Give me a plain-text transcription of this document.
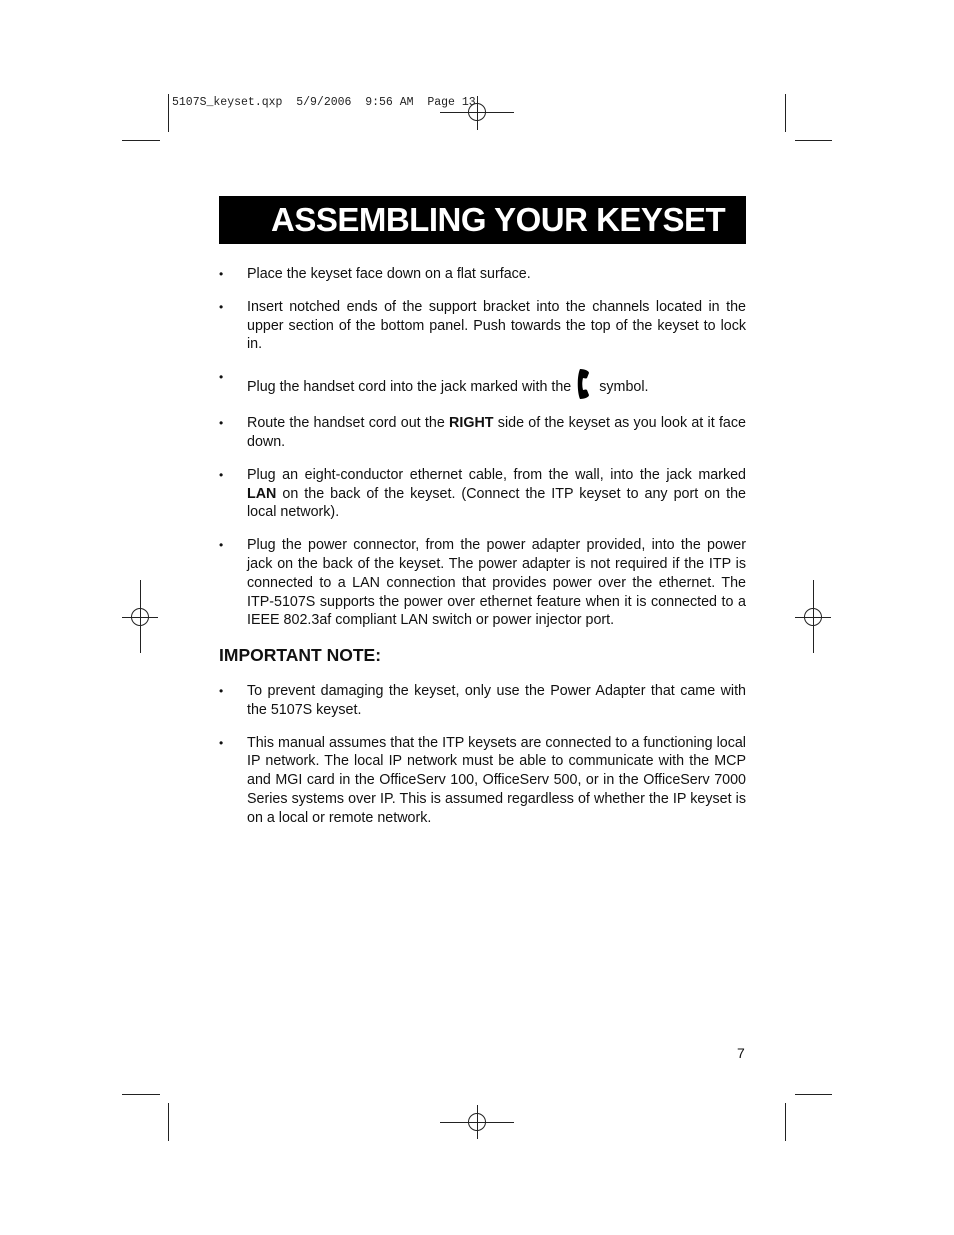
5107S_keyset.qxp  5/9/2006  9:56 AM  Page 13
ASSEMBLING YOUR KEYSET
• Place the keyset face down on a flat surface.
• Insert notched ends of the support bracket into the channels located in the upper section of the bottom panel. Push towards the top of the keyset to lock in.
•
Plug the handset cord into the jack marked with the symbol.
• Route the handset cord out the RIGHT side of the keyset as you look at it face down.
• Plug an eight-conductor ethernet cable, from the wall, into the jack marked LAN on the back of the keyset. (Connect the ITP keyset to any port on the local network).
• Plug the power connector, from the power adapter provided, into the power jack on the back of the keyset. The power adapter is not required if the ITP is connected to a LAN connection that provides power over the ethernet. The ITP-5107S supports the power over ethernet feature when it is connected to a IEEE 802.3af compliant LAN switch or power injector port.
IMPORTANT NOTE:
• To prevent damaging the keyset, only use the Power Adapter that came with the 5107S keyset.
• This manual assumes that the ITP keysets are connected to a functioning local IP network. The local IP network must be able to communicate with the MCP and MGI card in the OfficeServ 100, OfficeServ 500, or in the OfficeServ 7000 Series systems over IP. This is assumed regardless of whether the IP keyset is on a local or remote network.
7
